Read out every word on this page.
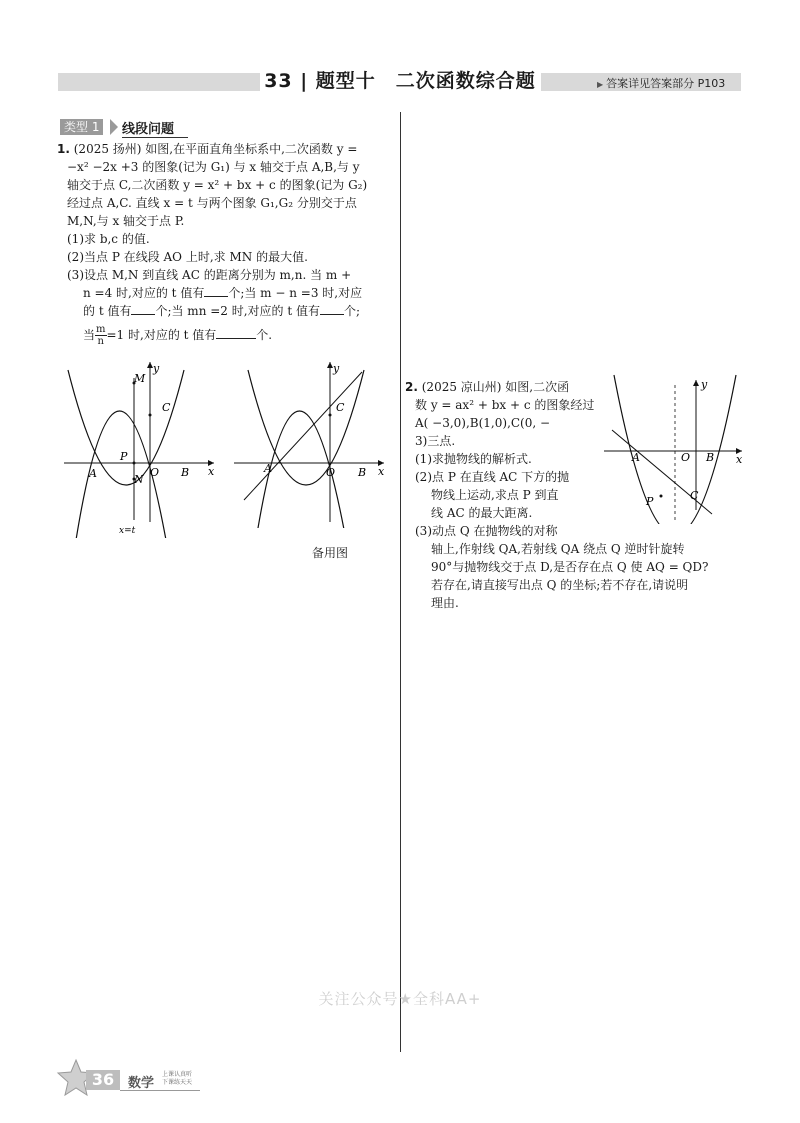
33 | 题型十　二次函数综合题	▶ 答案详见答案部分 P103
类型 1	线段问题
1. (2025 扬州) 如图,在平面直角坐标系中,二次函数 y =
−x² −2x +3 的图象(记为 G₁) 与 x 轴交于点 A,B,与 y
轴交于点 C,二次函数 y = x² + bx + c 的图象(记为 G₂)
经过点 A,C. 直线 x = t 与两个图象 G₁,G₂ 分别交于点
M,N,与 x 轴交于点 P.
(1)求 b,c 的值.
(2)当点 P 在线段 AO 上时,求 MN 的最大值.
(3)设点 M,N 到直线 AC 的距离分别为 m,n. 当 m +
n =4 时,对应的 t 值有 个;当 m − n =3 时,对应
的 t 值有 个;当 mn =2 时,对应的 t 值有 个;
当 $\frac{m}{n} =1$ 时,对应的 t 值有	个.
y
x
M
C
P
A	N
O B
x=t
y
x
C
A	O B
备用图
2. (2025 凉山州) 如图,二次函
数 y = ax² + bx + c 的图象经过
A( −3,0),B(1,0),C(0, −
3)三点.
(1)求抛物线的解析式.
(2)点 P 在直线 AC 下方的抛
物线上运动,求点 P 到直
线 AC 的最大距离.
(3)动点 Q 在抛物线的对称
轴上,作射线 QA,若射线 QA 绕点 Q 逆时针旋转
90°与抛物线交于点 D,是否存在点 Q 使 AQ = QD?
若存在,请直接写出点 Q 的坐标;若不存在,请说明
理由.
y
x
A	O B
C
P
关注公众号★全科AA+
36	数学
上课认真听
下课练天天
